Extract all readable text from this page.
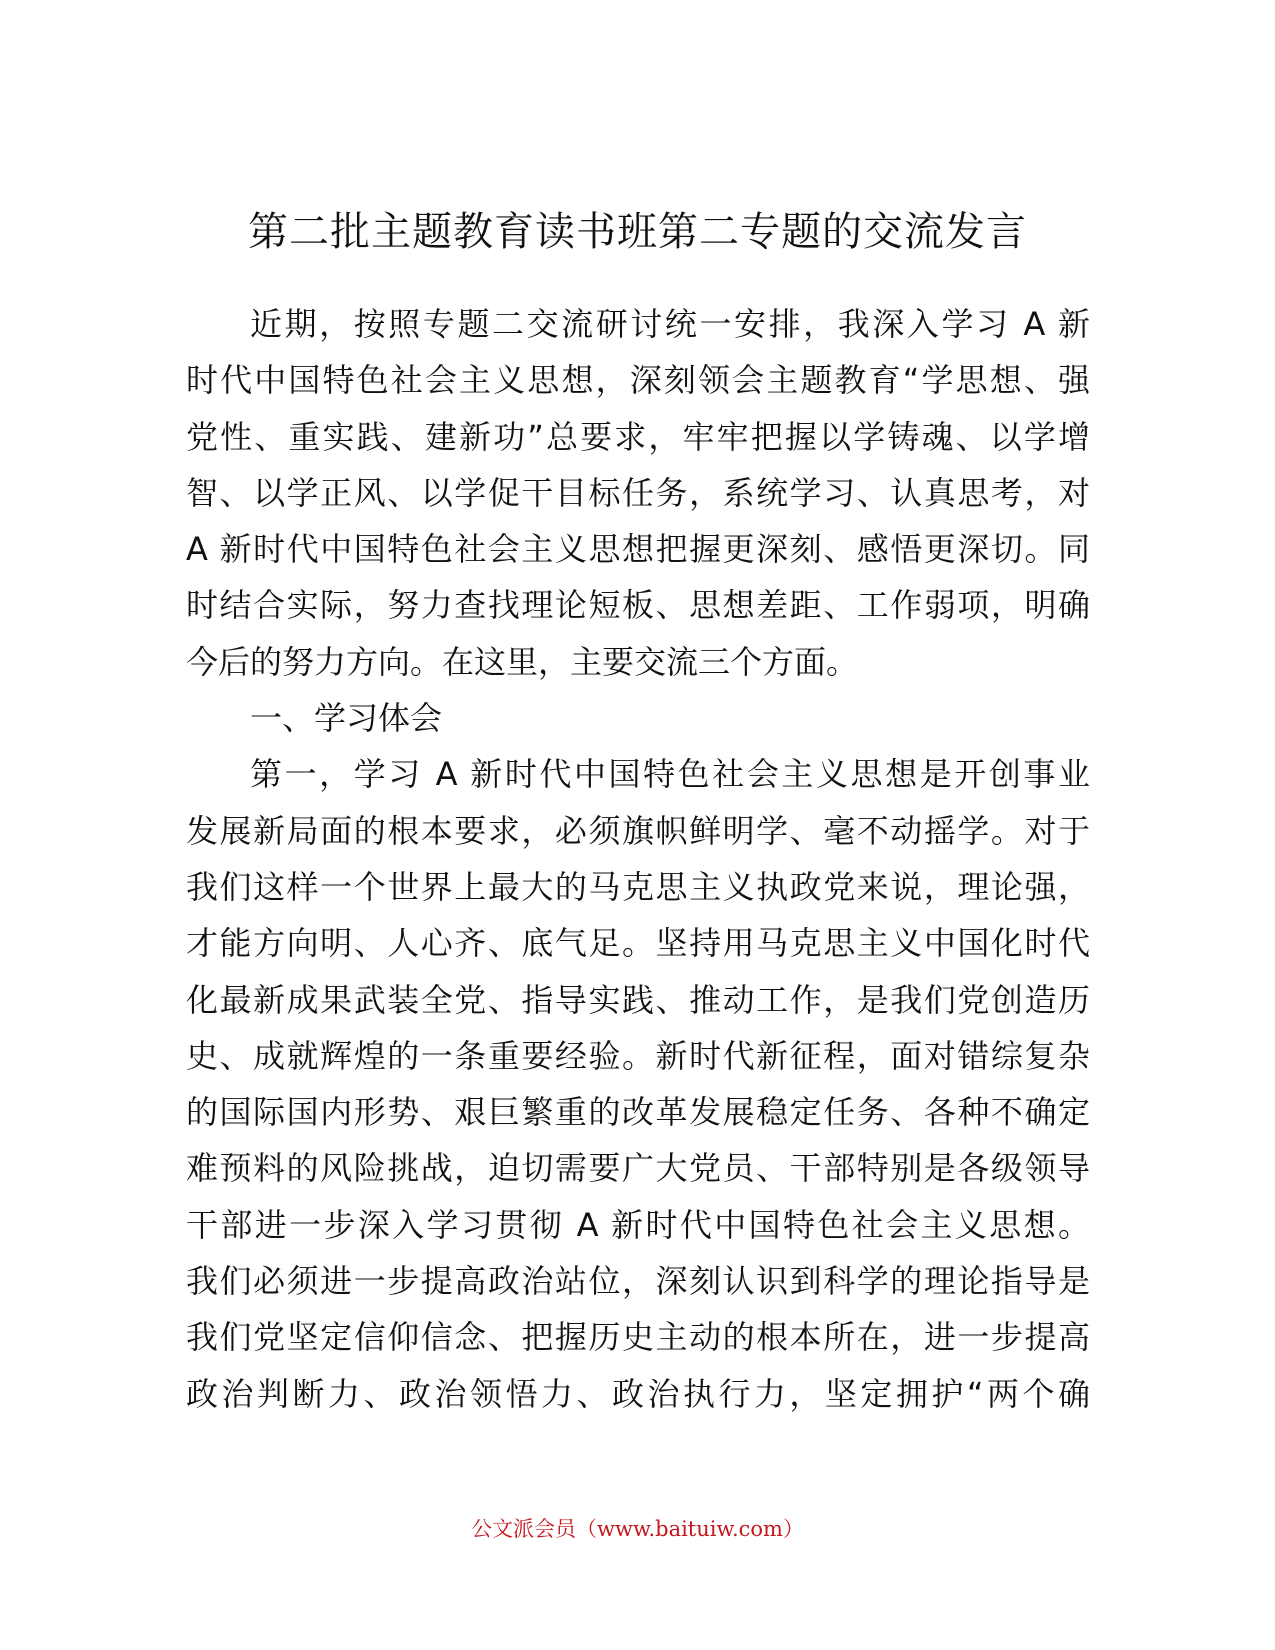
第二批主题教育读书班第二专题的交流发言
近期，按照专题二交流研讨统一安排，我深入学习 A 新
时代中国特色社会主义思想，深刻领会主题教育“学思想、强
党性、重实践、建新功”总要求，牢牢把握以学铸魂、以学增
智、以学正风、以学促干目标任务，系统学习、认真思考，对
A 新时代中国特色社会主义思想把握更深刻、感悟更深切。同
时结合实际，努力查找理论短板、思想差距、工作弱项，明确
今后的努力方向。在这里，主要交流三个方面。
一、学习体会
第一，学习 A 新时代中国特色社会主义思想是开创事业
发展新局面的根本要求，必须旗帜鲜明学、毫不动摇学。对于
我们这样一个世界上最大的马克思主义执政党来说，理论强，
才能方向明、人心齐、底气足。坚持用马克思主义中国化时代
化最新成果武装全党、指导实践、推动工作，是我们党创造历
史、成就辉煌的一条重要经验。新时代新征程，面对错综复杂
的国际国内形势、艰巨繁重的改革发展稳定任务、各种不确定
难预料的风险挑战，迫切需要广大党员、干部特别是各级领导
干部进一步深入学习贯彻 A 新时代中国特色社会主义思想。
我们必须进一步提高政治站位，深刻认识到科学的理论指导是
我们党坚定信仰信念、把握历史主动的根本所在，进一步提高
政治判断力、政治领悟力、政治执行力，坚定拥护“两个确
公文派会员（www.baituiw.com）
